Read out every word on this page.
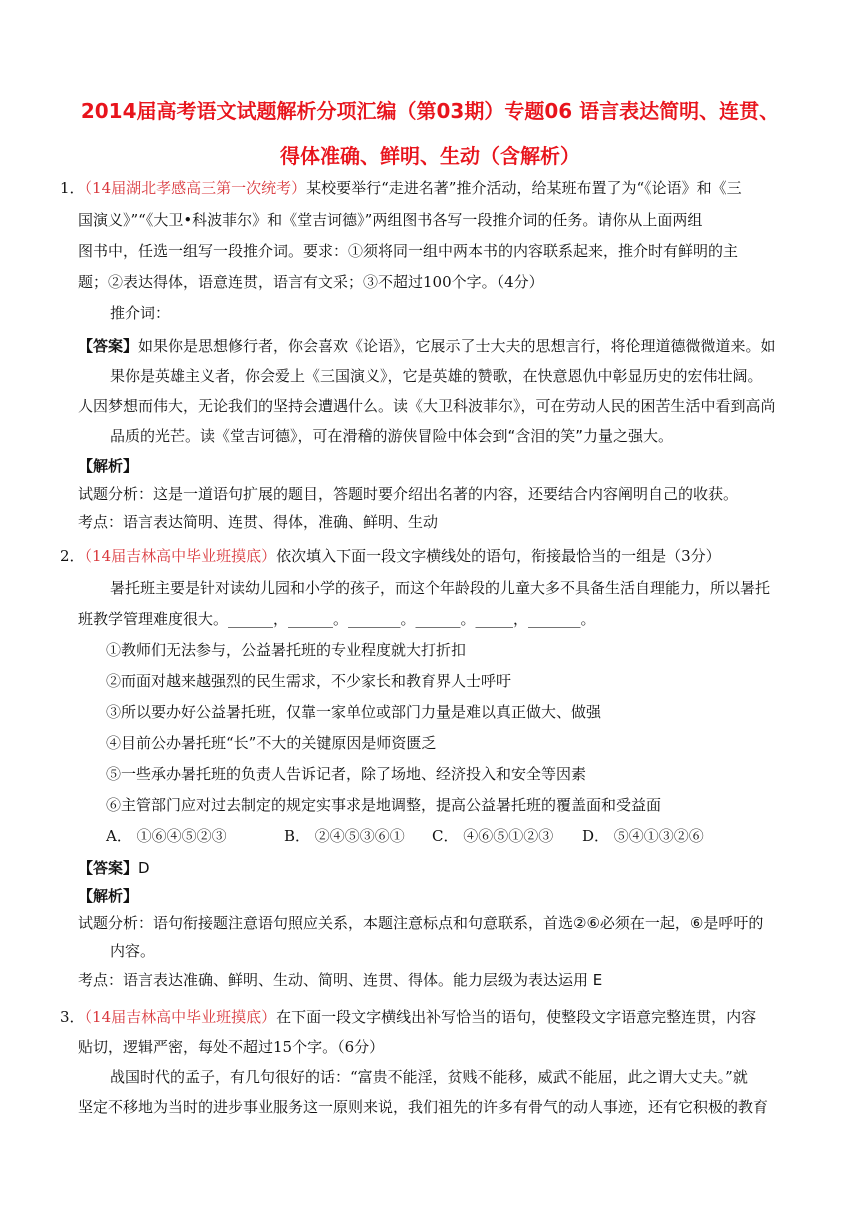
2014届高考语文试题解析分项汇编（第03期）专题06 语言表达简明、连贯、
得体准确、鲜明、生动（含解析）
1．（14届湖北孝感高三第一次统考）某校要举行“走进名著”推介活动，给某班布置了为“《论语》和《三
国演义》”“《大卫•科波菲尔》和《堂吉诃德》”两组图书各写一段推介词的任务。请你从上面两组
图书中，任选一组写一段推介词。要求：①须将同一组中两本书的内容联系起来，推介时有鲜明的主
题；②表达得体，语意连贯，语言有文采；③不超过100个字。（4分）
推介词：
【答案】如果你是思想修行者，你会喜欢《论语》，它展示了士大夫的思想言行，将伦理道德微微道来。如
果你是英雄主义者，你会爱上《三国演义》，它是英雄的赞歌，在快意恩仇中彰显历史的宏伟壮阔。
人因梦想而伟大，无论我们的坚持会遭遇什么。读《大卫科波菲尔》，可在劳动人民的困苦生活中看到高尚
品质的光芒。读《堂吉诃德》，可在滑稽的游侠冒险中体会到“含泪的笑”力量之强大。
【解析】
试题分析：这是一道语句扩展的题目，答题时要介绍出名著的内容，还要结合内容阐明自己的收获。
考点：语言表达简明、连贯、得体，准确、鲜明、生动
2．（14届吉林高中毕业班摸底）依次填入下面一段文字横线处的语句，衔接最恰当的一组是（3分）
暑托班主要是针对读幼儿园和小学的孩子，而这个年龄段的儿童大多不具备生活自理能力，所以暑托
班教学管理难度很大。______，______。_______。______。_____，_______。
①教师们无法参与，公益暑托班的专业程度就大打折扣
②而面对越来越强烈的民生需求，不少家长和教育界人士呼吁
③所以要办好公益暑托班，仅靠一家单位或部门力量是难以真正做大、做强
④目前公办暑托班“长”不大的关键原因是师资匮乏
⑤一些承办暑托班的负责人告诉记者，除了场地、经济投入和安全等因素
⑥主管部门应对过去制定的规定实事求是地调整，提高公益暑托班的覆盖面和受益面
A． ①⑥④⑤②③	B． ②④⑤③⑥① C． ④⑥⑤①②③ D． ⑤④①③②⑥
【答案】D
【解析】
试题分析：语句衔接题注意语句照应关系，本题注意标点和句意联系，首选②⑥必须在一起，⑥是呼吁的
内容。
考点：语言表达准确、鲜明、生动、简明、连贯、得体。能力层级为表达运用 E
3．（14届吉林高中毕业班摸底）在下面一段文字横线出补写恰当的语句，使整段文字语意完整连贯，内容
贴切，逻辑严密，每处不超过15个字。（6分）
战国时代的孟子，有几句很好的话：“富贵不能淫，贫贱不能移，威武不能屈，此之谓大丈夫。”就
坚定不移地为当时的进步事业服务这一原则来说，我们祖先的许多有骨气的动人事迹，还有它积极的教育
